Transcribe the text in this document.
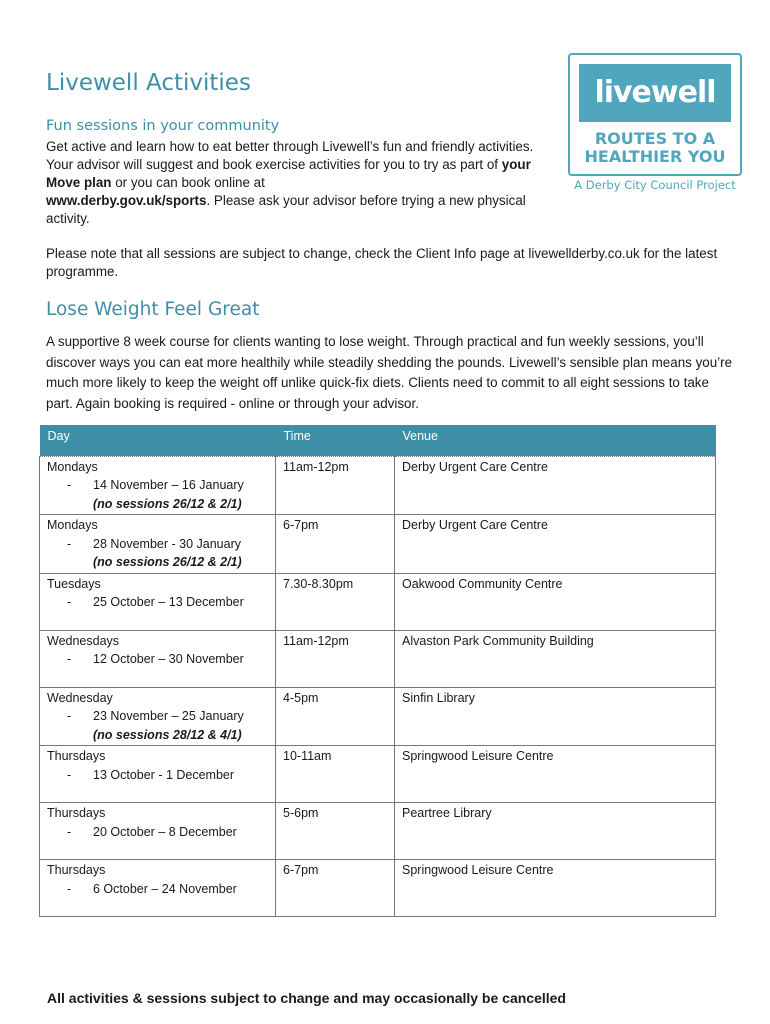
Livewell Activities
Fun sessions in your community
Get active and learn how to eat better through Livewell’s fun and friendly activities. Your advisor will suggest and book exercise activities for you to try as part of your Move plan or you can book online at
www.derby.gov.uk/sports. Please ask your advisor before trying a new physical activity.
Please note that all sessions are subject to change, check the Client Info page at livewellderby.co.uk for the latest programme.
livewell
ROUTES TO A
HEALTHIER YOU
A Derby City Council Project
Lose Weight Feel Great
A supportive 8 week course for clients wanting to lose weight. Through practical and fun weekly sessions, you’ll discover ways you can eat more healthily while steadily shedding the pounds. Livewell’s sensible plan means you’re much more likely to keep the weight off unlike quick-fix diets. Clients need to commit to all eight sessions to take part. Again booking is required - online or through your advisor.
Day	Time	Venue
Mondays
- 14 November – 16 January
(no sessions 26/12 & 2/1)	11am-12pm	Derby Urgent Care Centre
Mondays
- 28 November - 30 January
(no sessions 26/12 & 2/1)	6-7pm	Derby Urgent Care Centre
Tuesdays
- 25 October – 13 December	7.30-8.30pm	Oakwood Community Centre
Wednesdays
- 12 October – 30 November	11am-12pm	Alvaston Park Community Building
Wednesday
- 23 November – 25 January
(no sessions 28/12 & 4/1)	4-5pm	Sinfin Library
Thursdays
- 13 October - 1 December	10-11am	Springwood Leisure Centre
Thursdays
- 20 October – 8 December	5-6pm	Peartree Library
Thursdays
- 6 October – 24 November	6-7pm	Springwood Leisure Centre
All activities & sessions subject to change and may occasionally be cancelled
